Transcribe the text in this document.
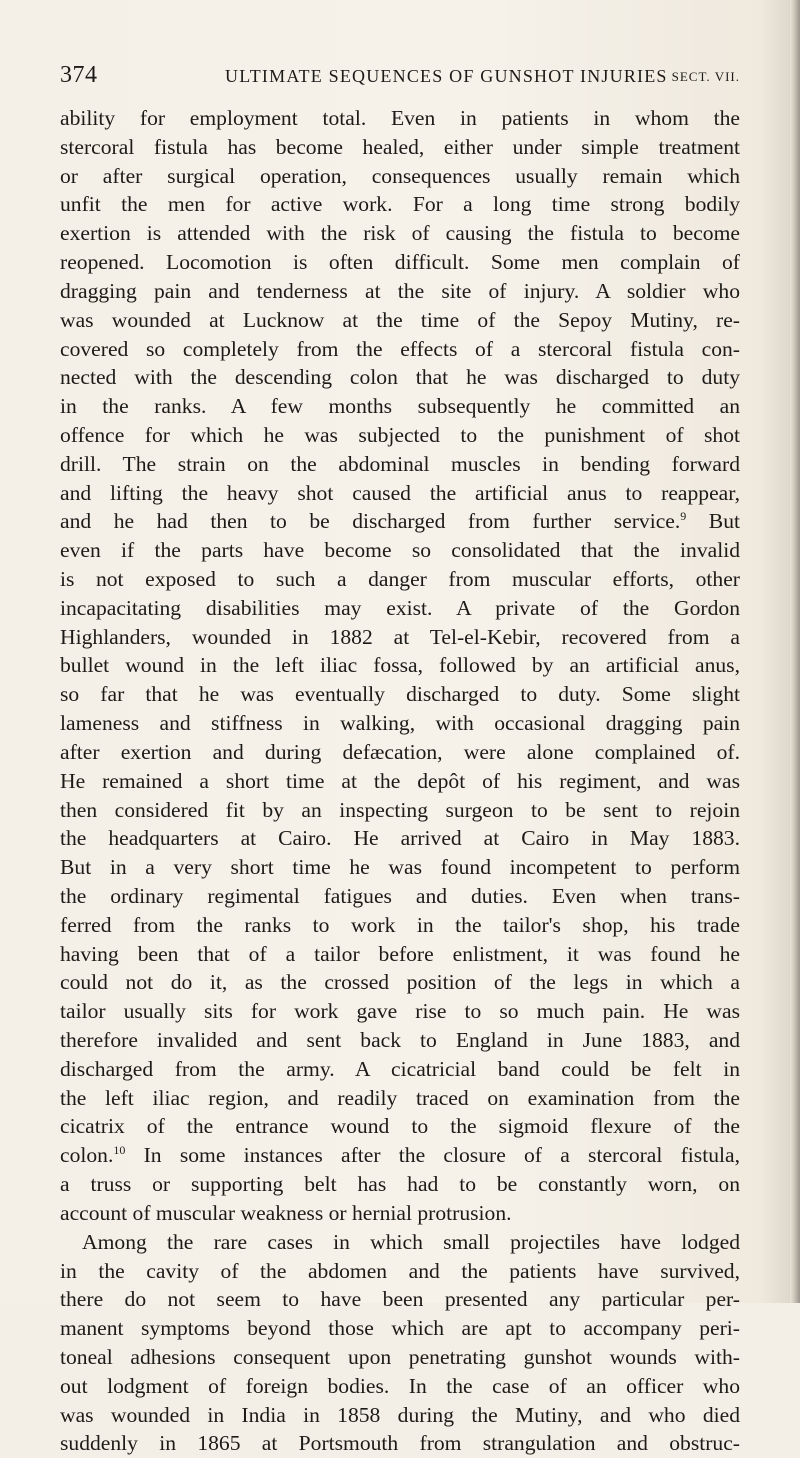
374	ULTIMATE SEQUENCES OF GUNSHOT INJURIES SECT. VII.
ability for employment total. Even in patients in whom the
stercoral fistula has become healed, either under simple treatment
or after surgical operation, consequences usually remain which
unfit the men for active work. For a long time strong bodily
exertion is attended with the risk of causing the fistula to become
reopened. Locomotion is often difficult. Some men complain of
dragging pain and tenderness at the site of injury. A soldier who
was wounded at Lucknow at the time of the Sepoy Mutiny, re-
covered so completely from the effects of a stercoral fistula con-
nected with the descending colon that he was discharged to duty
in the ranks. A few months subsequently he committed an
offence for which he was subjected to the punishment of shot
drill. The strain on the abdominal muscles in bending forward
and lifting the heavy shot caused the artificial anus to reappear,
and he had then to be discharged from further service.$^9$ But
even if the parts have become so consolidated that the invalid
is not exposed to such a danger from muscular efforts, other
incapacitating disabilities may exist. A private of the Gordon
Highlanders, wounded in 1882 at Tel-el-Kebir, recovered from a
bullet wound in the left iliac fossa, followed by an artificial anus,
so far that he was eventually discharged to duty. Some slight
lameness and stiffness in walking, with occasional dragging pain
after exertion and during defæcation, were alone complained of.
He remained a short time at the depôt of his regiment, and was
then considered fit by an inspecting surgeon to be sent to rejoin
the headquarters at Cairo. He arrived at Cairo in May 1883.
But in a very short time he was found incompetent to perform
the ordinary regimental fatigues and duties. Even when trans-
ferred from the ranks to work in the tailor's shop, his trade
having been that of a tailor before enlistment, it was found he
could not do it, as the crossed position of the legs in which a
tailor usually sits for work gave rise to so much pain. He was
therefore invalided and sent back to England in June 1883, and
discharged from the army. A cicatricial band could be felt in
the left iliac region, and readily traced on examination from the
cicatrix of the entrance wound to the sigmoid flexure of the
colon.$^{10}$ In some instances after the closure of a stercoral fistula,
a truss or supporting belt has had to be constantly worn, on
account of muscular weakness or hernial protrusion.
Among the rare cases in which small projectiles have lodged
in the cavity of the abdomen and the patients have survived,
there do not seem to have been presented any particular per-
manent symptoms beyond those which are apt to accompany peri-
toneal adhesions consequent upon penetrating gunshot wounds with-
out lodgment of foreign bodies. In the case of an officer who
was wounded in India in 1858 during the Mutiny, and who died
suddenly in 1865 at Portsmouth from strangulation and obstruc-
